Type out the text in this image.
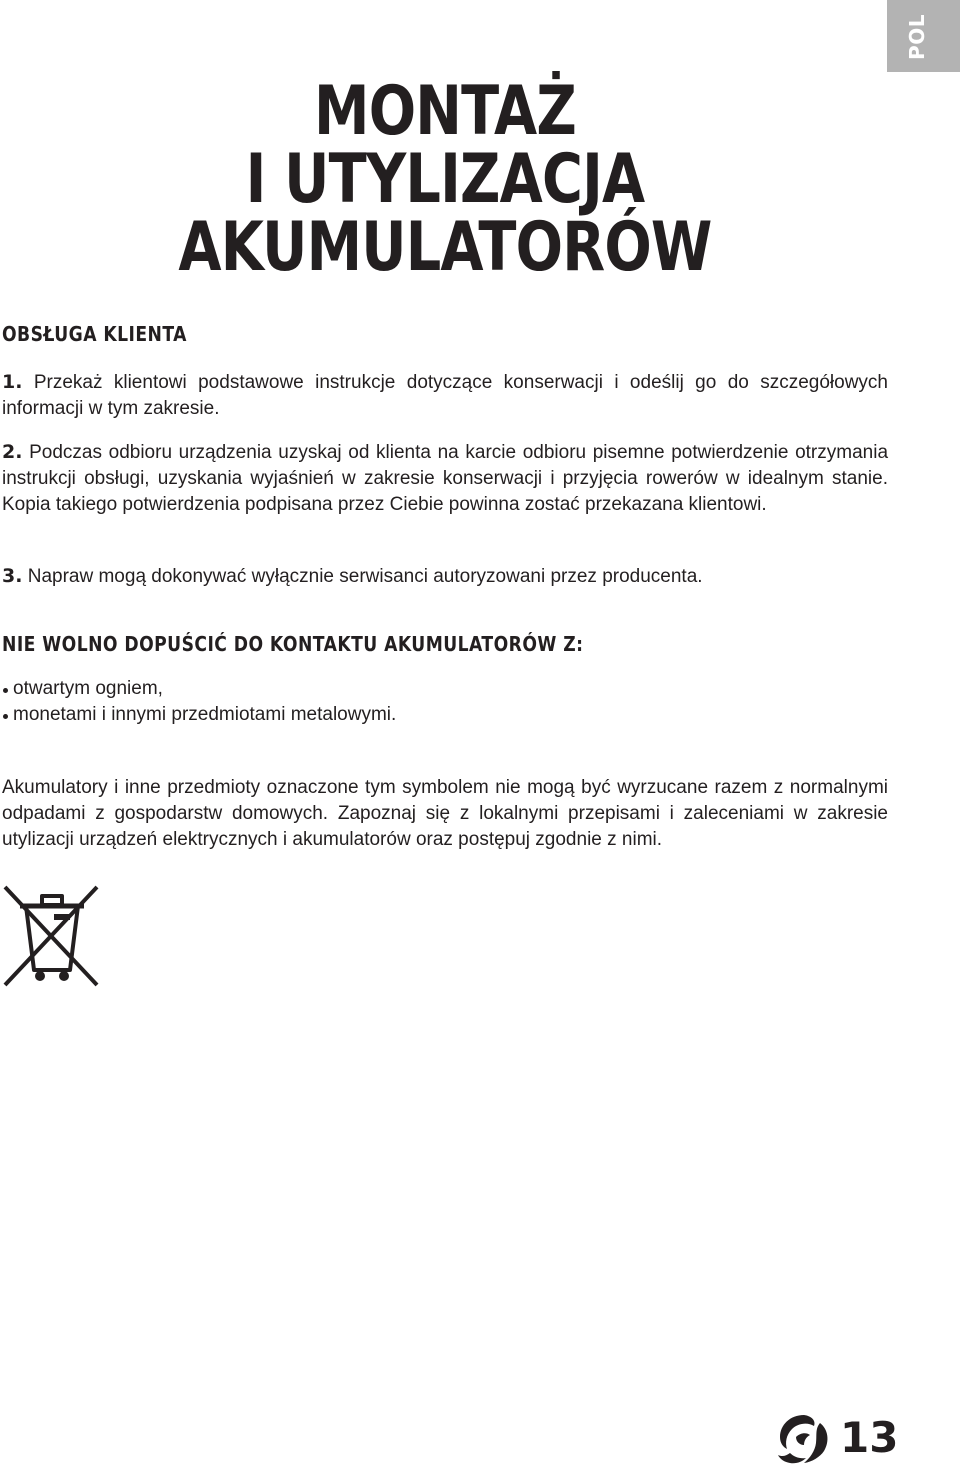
POL
MONTAŻ
I UTYLIZACJA
AKUMULATORÓW
OBSŁUGA KLIENTA

1. Przekaż klientowi podstawowe instrukcje dotyczące konserwacji i odeślij go do szczegółowych informacji w tym zakresie.

2. Podczas odbioru urządzenia uzyskaj od klienta na karcie odbioru pisemne potwierdzenie otrzymania instrukcji obsługi, uzyskania wyjaśnień w zakresie konserwacji i przyjęcia rowerów w idealnym stanie. Kopia takiego potwierdzenia podpisana przez Ciebie powinna zostać przekazana klientowi.

3. Napraw mogą dokonywać wyłącznie serwisanci autoryzowani przez producenta.

NIE WOLNO DOPUŚCIĆ DO KONTAKTU AKUMULATORÓW Z:
otwartym ogniem,
monetami i innymi przedmiotami metalowymi.

Akumulatory i inne przedmioty oznaczone tym symbolem nie mogą być wyrzucane razem z normalnymi odpadami z gospodarstw domowych. Zapoznaj się z lokalnymi przepisami i zaleceniami w zakresie utylizacji urządzeń elektrycznych i akumulatorów oraz postępuj zgodnie z nimi.

13
